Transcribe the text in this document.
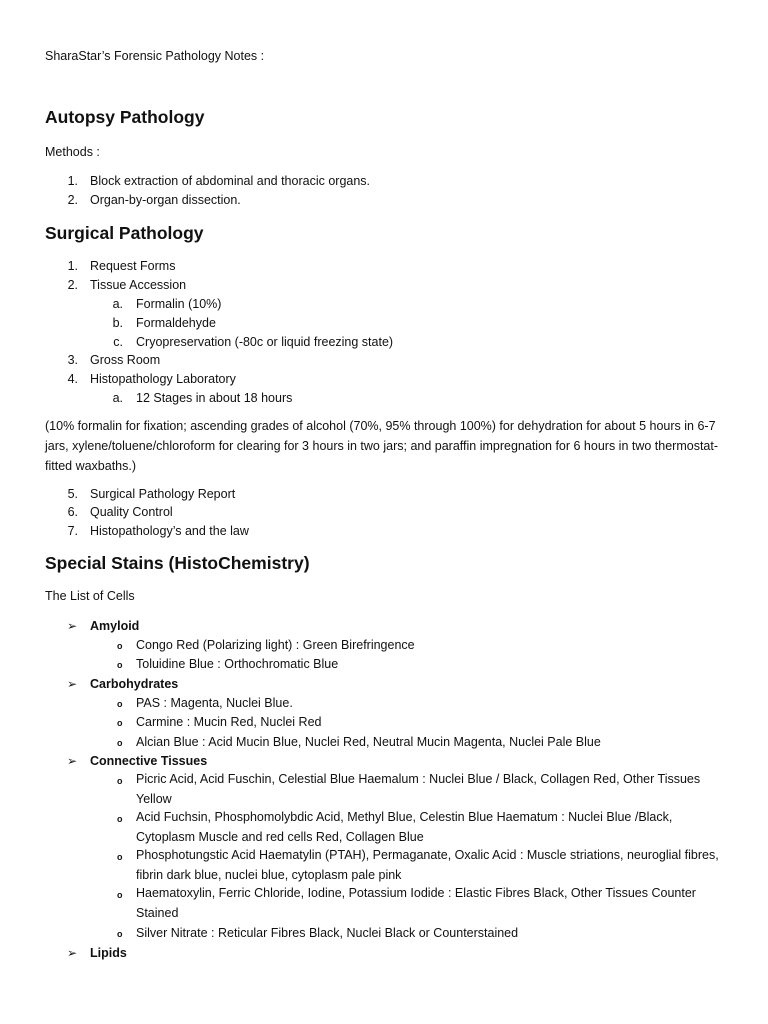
SharaStar’s Forensic Pathology Notes :
Autopsy Pathology
Methods :
1. Block extraction of abdominal and thoracic organs.
2. Organ-by-organ dissection.
Surgical Pathology
1. Request Forms
2. Tissue Accession
a. Formalin (10%)
b. Formaldehyde
c. Cryopreservation (-80c or liquid freezing state)
3. Gross Room
4. Histopathology Laboratory
a. 12 Stages in about 18 hours
(10% formalin for fixation; ascending grades of alcohol (70%, 95% through 100%) for dehydration for about 5 hours in 6-7 jars, xylene/toluene/chloroform for clearing for 3 hours in two jars; and paraffin impregnation for 6 hours in two thermostat-fitted waxbaths.)
5. Surgical Pathology Report
6. Quality Control
7. Histopathology’s and the law
Special Stains (HistoChemistry)
The List of Cells
➢ Amyloid
o Congo Red (Polarizing light) : Green Birefringence
o Toluidine Blue : Orthochromatic Blue
➢ Carbohydrates
o PAS : Magenta, Nuclei Blue.
o Carmine : Mucin Red, Nuclei Red
o Alcian Blue : Acid Mucin Blue, Nuclei Red, Neutral Mucin Magenta, Nuclei Pale Blue
➢ Connective Tissues
o Picric Acid, Acid Fuschin, Celestial Blue Haemalum : Nuclei Blue / Black, Collagen Red, Other Tissues Yellow
o Acid Fuchsin, Phosphomolybdic Acid, Methyl Blue, Celestin Blue Haematum : Nuclei Blue /Black, Cytoplasm Muscle and red cells Red, Collagen Blue
o Phosphotungstic Acid Haematylin (PTAH), Permaganate, Oxalic Acid : Muscle striations, neuroglial fibres, fibrin dark blue, nuclei blue, cytoplasm pale pink
o Haematoxylin, Ferric Chloride, Iodine, Potassium Iodide : Elastic Fibres Black, Other Tissues Counter Stained
o Silver Nitrate : Reticular Fibres Black, Nuclei Black or Counterstained
➢ Lipids
